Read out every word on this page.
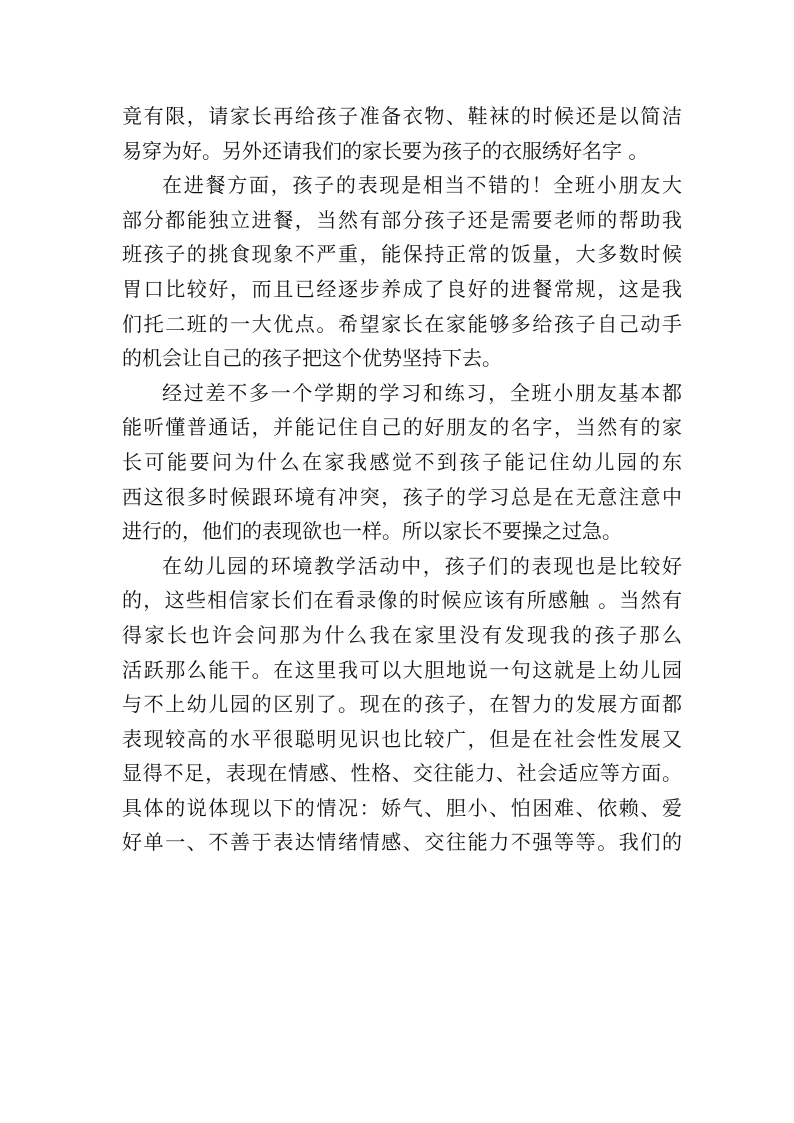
竟有限，请家长再给孩子准备衣物、鞋袜的时候还是以简洁
易穿为好。另外还请我们的家长要为孩子的衣服绣好名字 。
在进餐方面，孩子的表现是相当不错的！全班小朋友大
部分都能独立进餐，当然有部分孩子还是需要老师的帮助我
班孩子的挑食现象不严重，能保持正常的饭量，大多数时候
胃口比较好，而且已经逐步养成了良好的进餐常规，这是我
们托二班的一大优点。希望家长在家能够多给孩子自己动手
的机会让自己的孩子把这个优势坚持下去。
经过差不多一个学期的学习和练习，全班小朋友基本都
能听懂普通话，并能记住自己的好朋友的名字，当然有的家
长可能要问为什么在家我感觉不到孩子能记住幼儿园的东
西这很多时候跟环境有冲突，孩子的学习总是在无意注意中
进行的，他们的表现欲也一样。所以家长不要操之过急。
在幼儿园的环境教学活动中，孩子们的表现也是比较好
的，这些相信家长们在看录像的时候应该有所感触 。当然有
得家长也许会问那为什么我在家里没有发现我的孩子那么
活跃那么能干。在这里我可以大胆地说一句这就是上幼儿园
与不上幼儿园的区别了。现在的孩子，在智力的发展方面都
表现较高的水平很聪明见识也比较广，但是在社会性发展又
显得不足，表现在情感、性格、交往能力、社会适应等方面。
具体的说体现以下的情况：娇气、胆小、怕困难、依赖、爱
好单一、不善于表达情绪情感、交往能力不强等等。我们的
